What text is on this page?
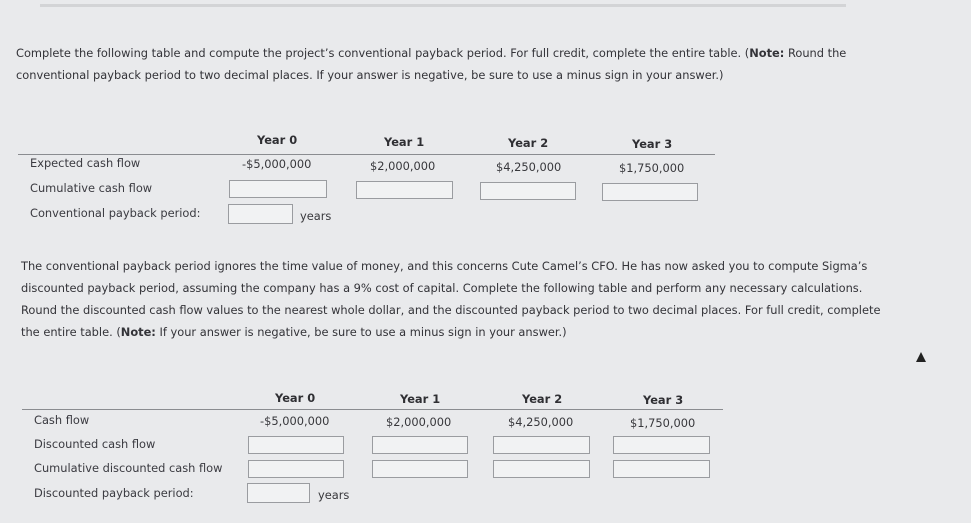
Complete the following table and compute the project’s conventional payback period. For full credit, complete the entire table. (Note: Round the conventional payback period to two decimal places. If your answer is negative, be sure to use a minus sign in your answer.)

Year 0	Year 1	Year 2	Year 3
Expected cash flow	-$5,000,000	$2,000,000	$4,250,000	$1,750,000
Cumulative cash flow
Conventional payback period:	years

The conventional payback period ignores the time value of money, and this concerns Cute Camel’s CFO. He has now asked you to compute Sigma’s discounted payback period, assuming the company has a 9% cost of capital. Complete the following table and perform any necessary calculations. Round the discounted cash flow values to the nearest whole dollar, and the discounted payback period to two decimal places. For full credit, complete the entire table. (Note: If your answer is negative, be sure to use a minus sign in your answer.)

Year 0	Year 1	Year 2	Year 3
Cash flow	-$5,000,000	$2,000,000	$4,250,000	$1,750,000
Discounted cash flow
Cumulative discounted cash flow
Discounted payback period:	years
